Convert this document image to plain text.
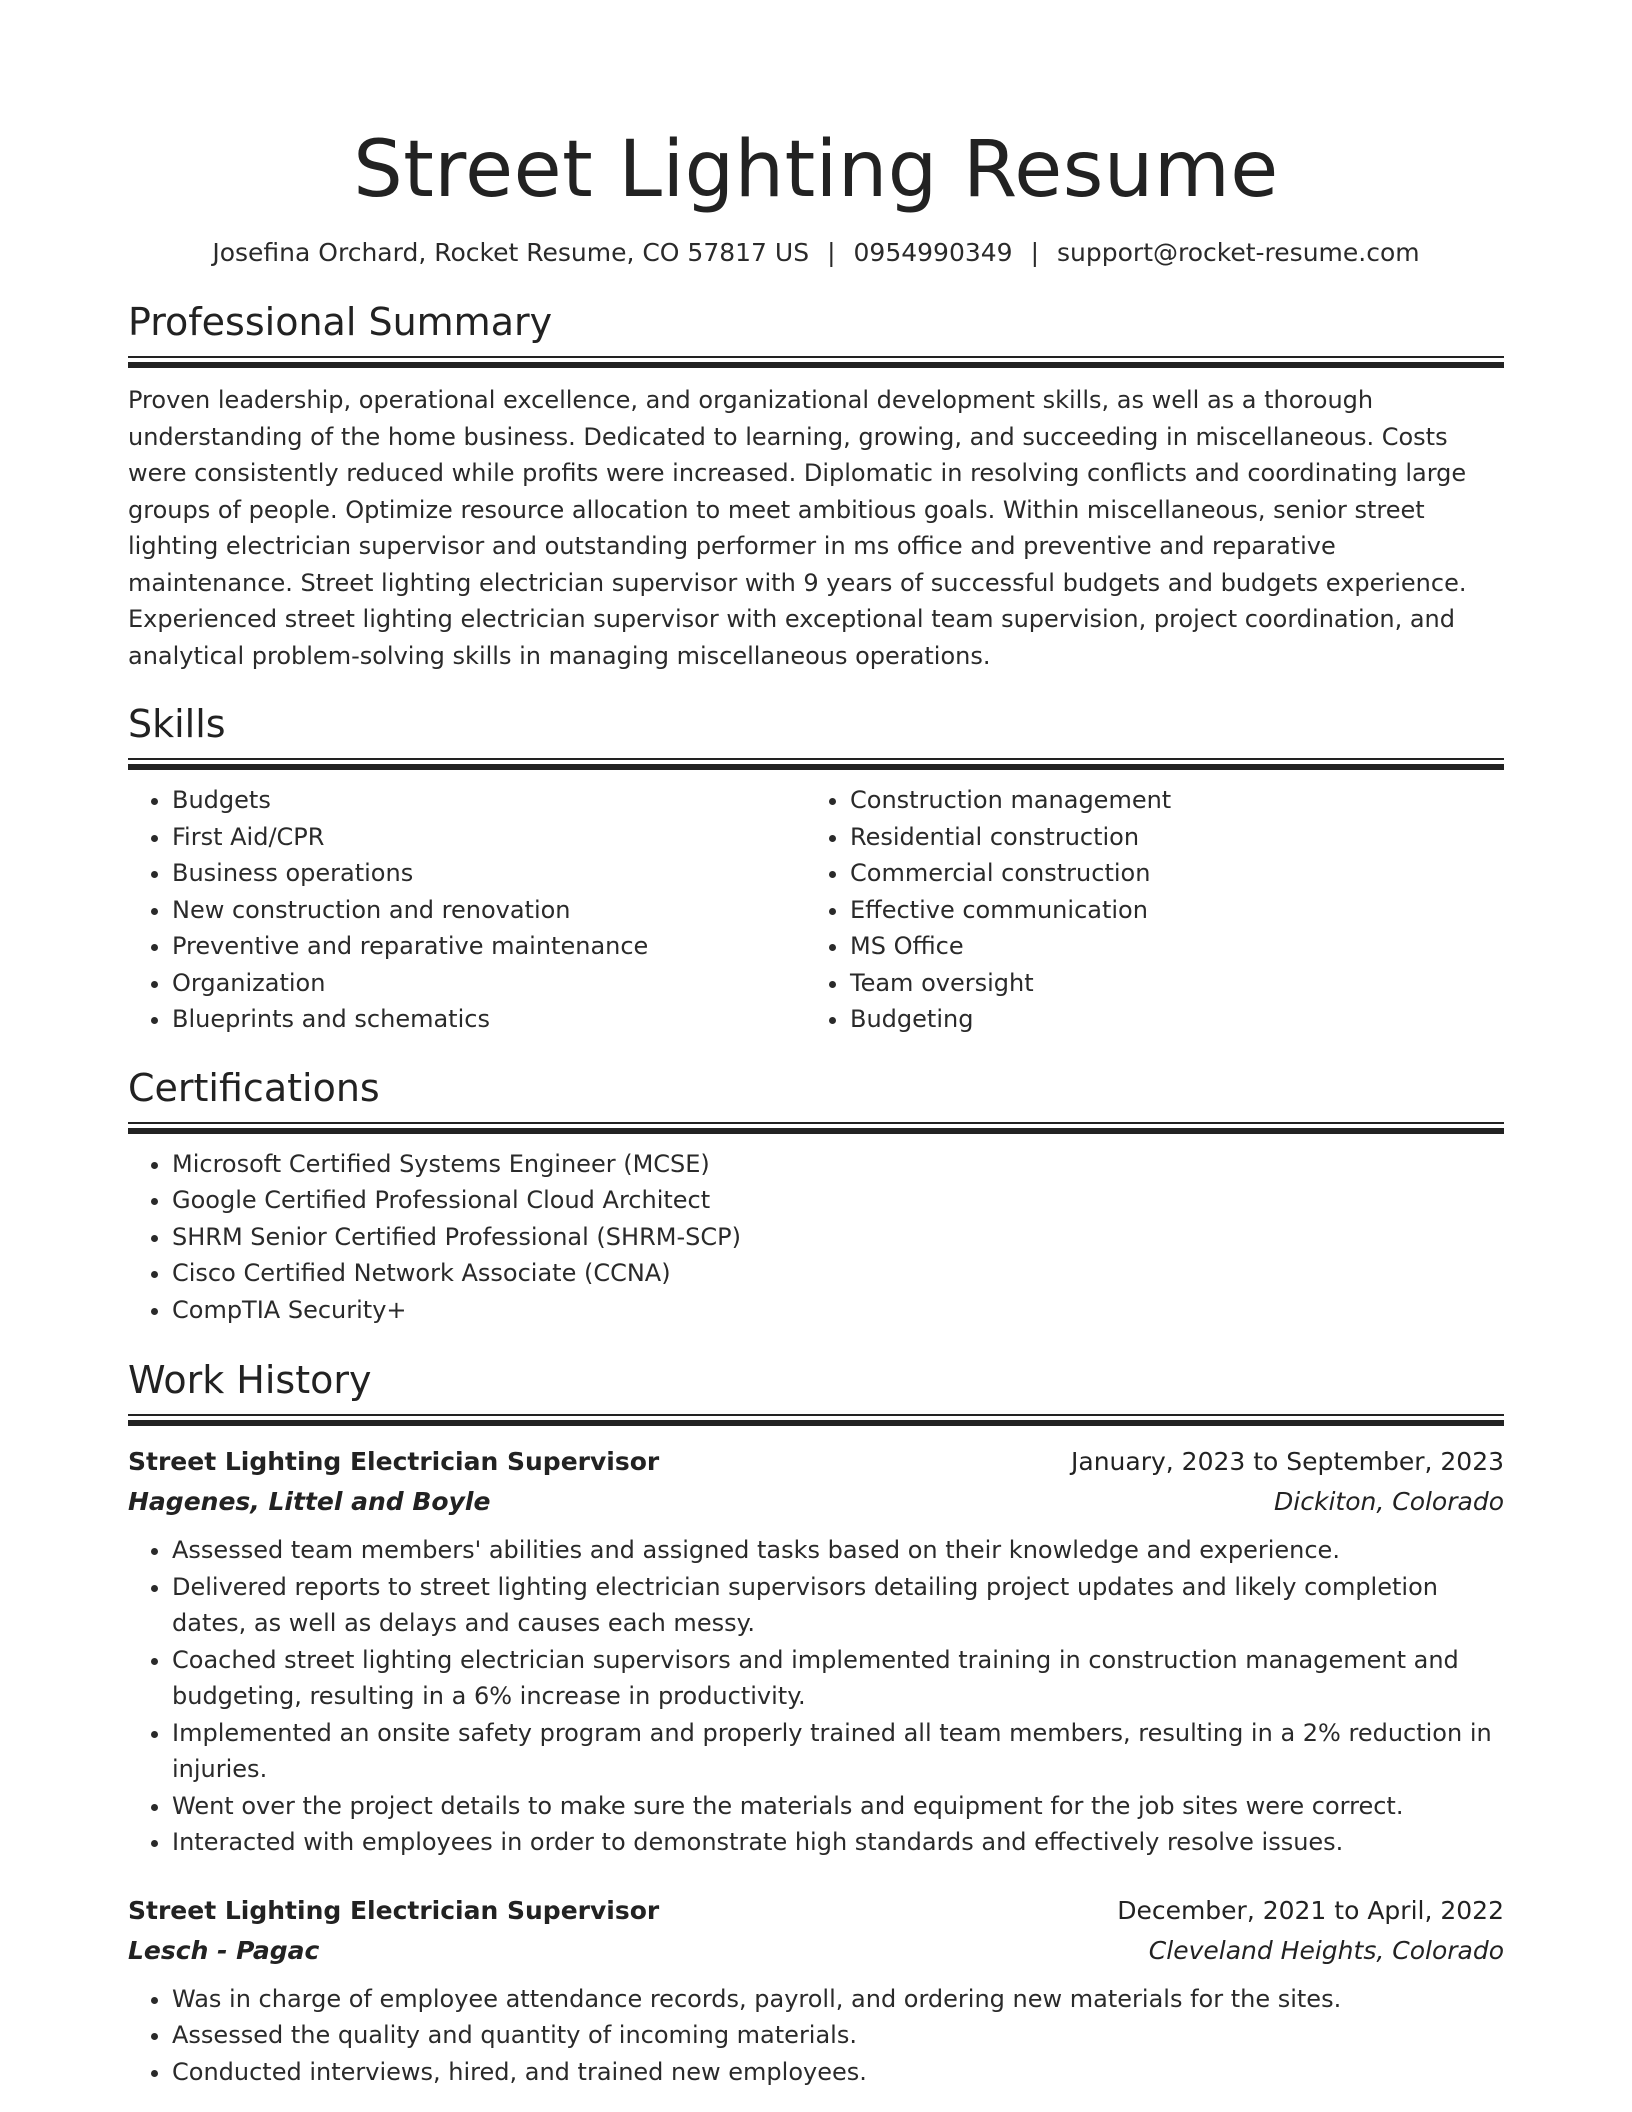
Street Lighting Resume
Josefina Orchard, Rocket Resume, CO 57817 US | 0954990349 | support@rocket-resume.com
Professional Summary
Proven leadership, operational excellence, and organizational development skills, as well as a thorough understanding of the home business. Dedicated to learning, growing, and succeeding in miscellaneous. Costs were consistently reduced while profits were increased. Diplomatic in resolving conflicts and coordinating large groups of people. Optimize resource allocation to meet ambitious goals. Within miscellaneous, senior street lighting electrician supervisor and outstanding performer in ms office and preventive and reparative maintenance. Street lighting electrician supervisor with 9 years of successful budgets and budgets experience. Experienced street lighting electrician supervisor with exceptional team supervision, project coordination, and analytical problem-solving skills in managing miscellaneous operations.
Skills
• Budgets
• First Aid/CPR
• Business operations
• New construction and renovation
• Preventive and reparative maintenance
• Organization
• Blueprints and schematics
• Construction management
• Residential construction
• Commercial construction
• Effective communication
• MS Office
• Team oversight
• Budgeting
Certifications
• Microsoft Certified Systems Engineer (MCSE)
• Google Certified Professional Cloud Architect
• SHRM Senior Certified Professional (SHRM-SCP)
• Cisco Certified Network Associate (CCNA)
• CompTIA Security+
Work History
Street Lighting Electrician Supervisor	January, 2023 to September, 2023
Hagenes, Littel and Boyle	Dickiton, Colorado
• Assessed team members' abilities and assigned tasks based on their knowledge and experience.
• Delivered reports to street lighting electrician supervisors detailing project updates and likely completion dates, as well as delays and causes each messy.
• Coached street lighting electrician supervisors and implemented training in construction management and budgeting, resulting in a 6% increase in productivity.
• Implemented an onsite safety program and properly trained all team members, resulting in a 2% reduction in injuries.
• Went over the project details to make sure the materials and equipment for the job sites were correct.
• Interacted with employees in order to demonstrate high standards and effectively resolve issues.
Street Lighting Electrician Supervisor	December, 2021 to April, 2022
Lesch - Pagac	Cleveland Heights, Colorado
• Was in charge of employee attendance records, payroll, and ordering new materials for the sites.
• Assessed the quality and quantity of incoming materials.
• Conducted interviews, hired, and trained new employees.
